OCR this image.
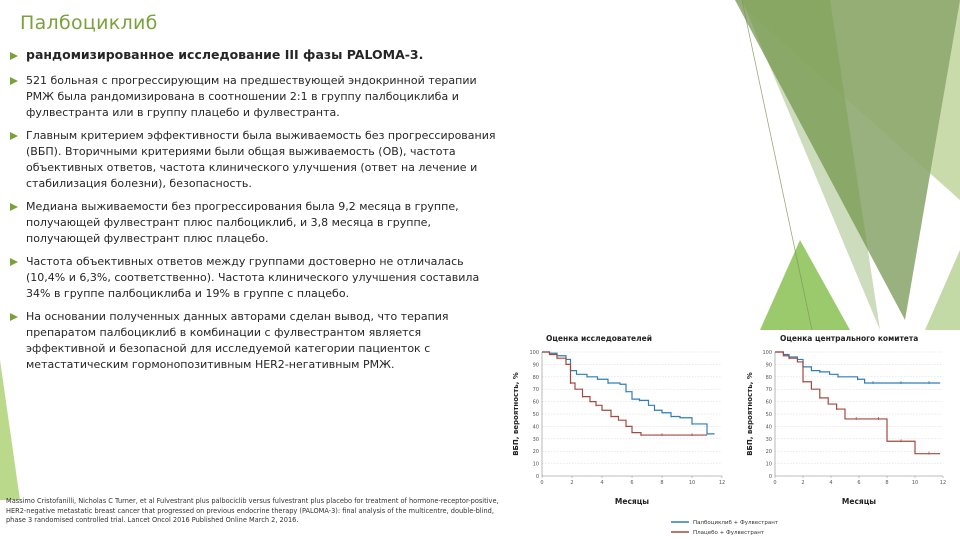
Палбоциклиб
рандомизированное исследование III фазы PALOMA-3.
521 больная с прогрессирующим на предшествующей эндокринной терапии РМЖ была рандомизирована в соотношении 2:1 в группу палбоциклиба и фулвестранта или в группу плацебо и фулвестранта.
Главным критерием эффективности была выживаемость без прогрессирования (ВБП). Вторичными критериями были общая выживаемость (ОВ), частота объективных ответов, частота клинического улучшения (ответ на лечение и стабилизация болезни), безопасность.
Медиана выживаемости без прогрессирования была 9,2 месяца в группе, получающей фулвестрант плюс палбоциклиб, и 3,8 месяца в группе, получающей фулвестрант плюс плацебо.
Частота объективных ответов между группами достоверно не отличалась (10,4% и 6,3%, соответственно). Частота клинического улучшения составила 34% в группе палбоциклиба и 19% в группе с плацебо.
На основании полученных данных авторами сделан вывод, что терапия препаратом палбоциклиб в комбинации с фулвестрантом является эффективной и безопасной для исследуемой категории пациенток с метастатическим гормонопозитивным HER2-негативным РМЖ.
Massimo Cristofanilli, Nicholas C Turner, et al Fulvestrant plus palbociclib versus fulvestrant plus placebo for treatment of hormone-receptor-positive, HER2-negative metastatic breast cancer that progressed on previous endocrine therapy (PALOMA-3): final analysis of the multicentre, double-blind, phase 3 randomised controlled trial. Lancet Oncol 2016 Published Online March 2, 2016.
Оценка исследователей
0
10
20
30
40
50
60
70
80
90
100
0	2	4	6	8	10	12
Месяцы
ВБП, вероятность, %
Оценка центрального комитета
0
10
20
30
40
50
60
70
80
90
100
0	2	4	6	8	10	12
Месяцы
ВБП, вероятность, %
Палбоциклиб + Фулвестрант
Плацебо + Фулвестрант
